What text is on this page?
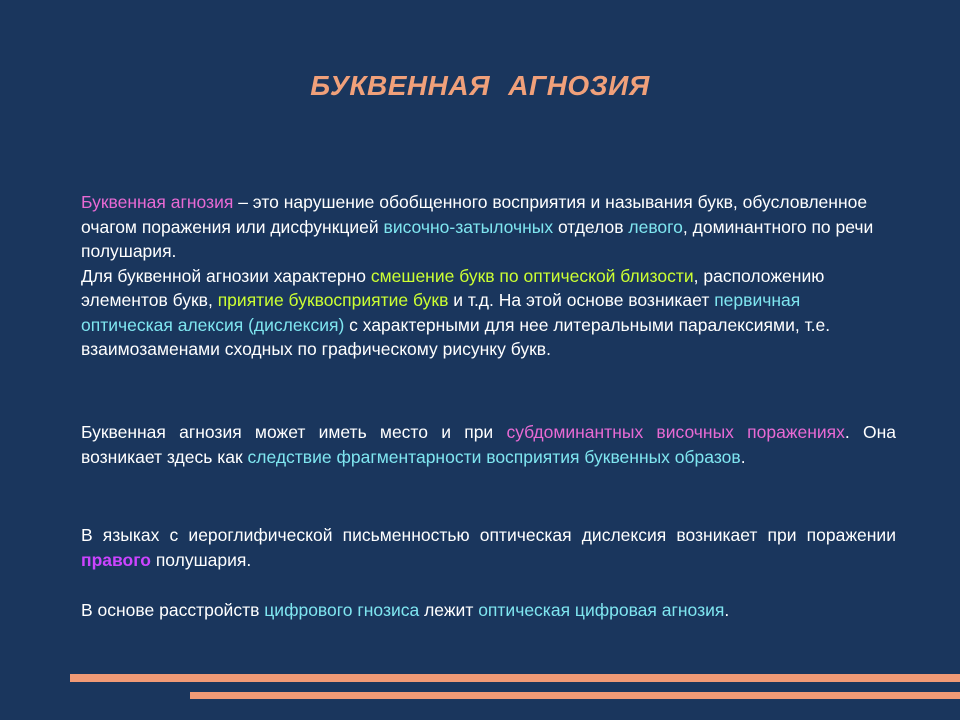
БУКВЕННАЯ АГНОЗИЯ

Буквенная агнозия – это нарушение обобщенного восприятия и называния букв, обусловленное очагом поражения или дисфункцией височно-затылочных отделов левого, доминантного по речи полушария.

Для буквенной агнозии характерно смешение букв по оптической близости, расположению элементов букв, приятие буквосприятие букв и т.д. На этой основе возникает первичная оптическая алексия (дислексия) с характерными для нее литеральными паралексиями, т.е. взаимозаменами сходных по графическому рисунку букв.

Буквенная агнозия может иметь место и при субдоминантных височных поражениях. Она возникает здесь как следствие фрагментарности восприятия буквенных образов.
В языках с иероглифической письменностью оптическая дислексия возникает при поражении правого полушария.
В основе расстройств цифрового гнозиса лежит оптическая цифровая агнозия.
